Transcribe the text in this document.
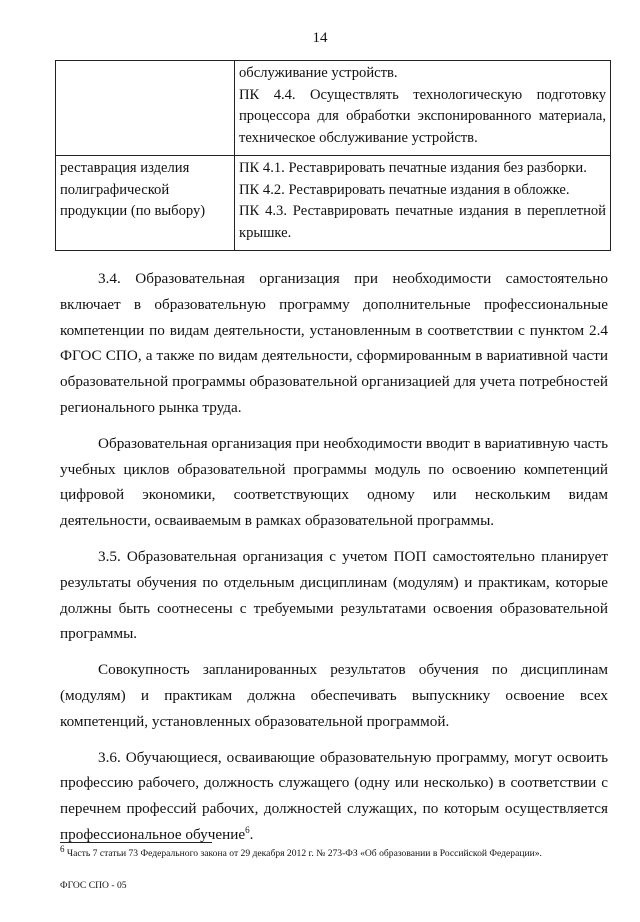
14

	обслуживание устройств.
ПК 4.4. Осуществлять технологическую подготовку процессора для обработки экспонированного материала, техническое обслуживание устройств.

реставрация изделия полиграфической продукции (по выбору)	ПК 4.1. Реставрировать печатные издания без разборки.
ПК 4.2. Реставрировать печатные издания в обложке.
ПК 4.3. Реставрировать печатные издания в переплетной крышке.

3.4. Образовательная организация при необходимости самостоятельно включает в образовательную программу дополнительные профессиональные компетенции по видам деятельности, установленным в соответствии с пунктом 2.4 ФГОС СПО, а также по видам деятельности, сформированным в вариативной части образовательной программы образовательной организацией для учета потребностей регионального рынка труда.

Образовательная организация при необходимости вводит в вариативную часть учебных циклов образовательной программы модуль по освоению компетенций цифровой экономики, соответствующих одному или нескольким видам деятельности, осваиваемым в рамках образовательной программы.

3.5. Образовательная организация с учетом ПОП самостоятельно планирует результаты обучения по отдельным дисциплинам (модулям) и практикам, которые должны быть соотнесены с требуемыми результатами освоения образовательной программы.

Совокупность запланированных результатов обучения по дисциплинам (модулям) и практикам должна обеспечивать выпускнику освоение всех компетенций, установленных образовательной программой.

3.6. Обучающиеся, осваивающие образовательную программу, могут освоить профессию рабочего, должность служащего (одну или несколько) в соответствии с перечнем профессий рабочих, должностей служащих, по которым осуществляется профессиональное обучение$^6$.

$^6$ Часть 7 статьи 73 Федерального закона от 29 декабря 2012 г. № 273-ФЗ «Об образовании в Российской Федерации».
ФГОС СПО - 05
